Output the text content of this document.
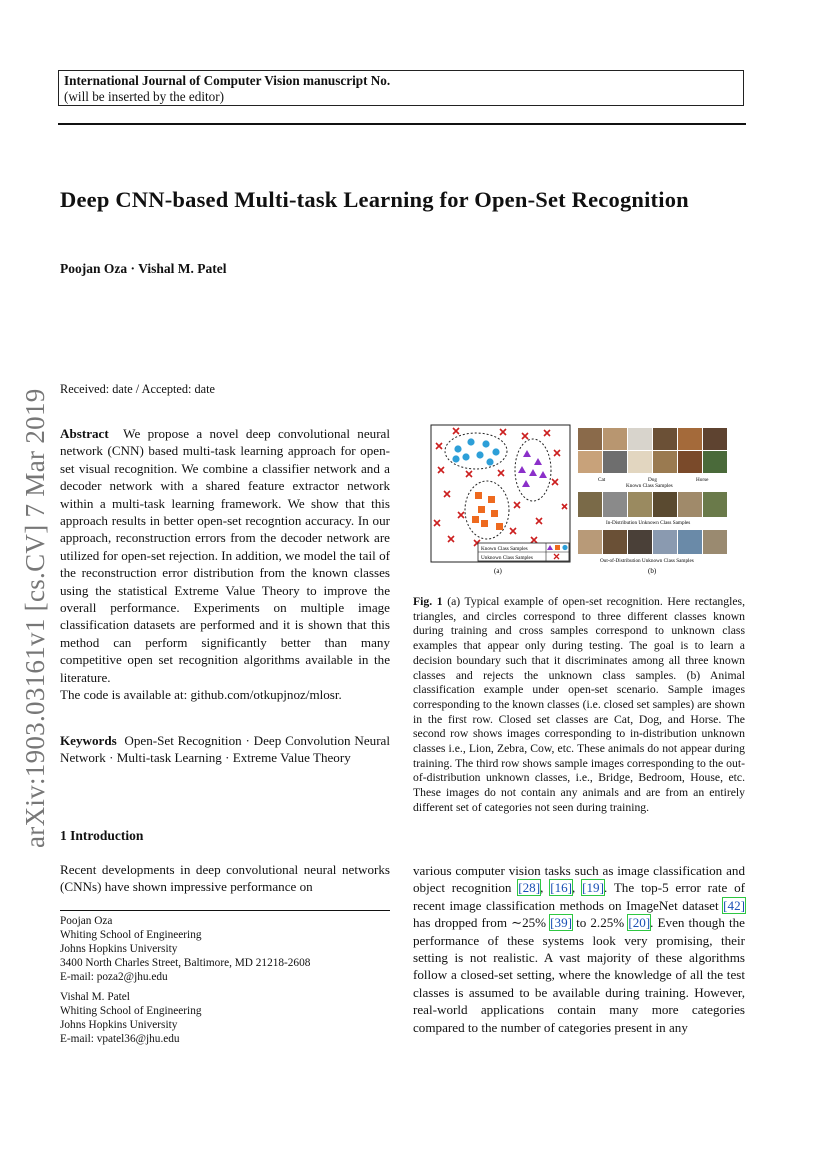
International Journal of Computer Vision manuscript No.
(will be inserted by the editor)
Deep CNN-based Multi-task Learning for Open-Set Recognition
Poojan Oza · Vishal M. Patel
arXiv:1903.03161v1 [cs.CV] 7 Mar 2019 Received: date / Accepted: date
Abstract We propose a novel deep convolutional neural network (CNN) based multi-task learning approach for open-set visual recognition. We combine a classifier network and a decoder network with a shared feature extractor network within a multi-task learning framework. We show that this approach results in better open-set recogntion accuracy. In our approach, reconstruction errors from the decoder network are utilized for open-set rejection. In addition, we model the tail of the reconstruction error distribution from the known classes using the statistical Extreme Value Theory to improve the overall performance. Experiments on multiple image classification datasets are performed and it is shown that this method can perform significantly better than many competitive open set recognition algorithms available in the literature.
The code is available at: github.com/otkupjnoz/mlosr.
Keywords Open-Set Recognition · Deep Convolution Neural Network · Multi-task Learning · Extreme Value Theory
1 Introduction
Recent developments in deep convolutional neural networks (CNNs) have shown impressive performance on
Poojan Oza
Whiting School of Engineering
Johns Hopkins University
3400 North Charles Street, Baltimore, MD 21218-2608
E-mail: poza2@jhu.edu
Vishal M. Patel
Whiting School of Engineering
Johns Hopkins University
E-mail: vpatel36@jhu.edu
Known Class Samples
Unknown Class Samples
(a)
Cat	Dog	Horse
Known Class Samples
In-Distribution Unknown Class Samples
Out-of-Distribution Unknown Class Samples
(b)
Fig. 1 (a) Typical example of open-set recognition. Here rectangles, triangles, and circles correspond to three different classes known during training and cross samples correspond to unknown class examples that appear only during testing. The goal is to learn a decision boundary such that it discriminates among all three known classes and rejects the unknown class samples. (b) Animal classification example under open-set scenario. Sample images corresponding to the known classes (i.e. closed set samples) are shown in the first row. Closed set classes are Cat, Dog, and Horse. The second row shows images corresponding to in-distribution unknown classes i.e., Lion, Zebra, Cow, etc. These animals do not appear during training. The third row shows sample images corresponding to the out-of-distribution unknown classes, i.e., Bridge, Bedroom, House, etc. These images do not contain any animals and are from an entirely different set of categories not seen during training.
various computer vision tasks such as image classification and object recognition [ 28 ] , [ 16 ] , [ 19 ] . The top-5 error rate of recent image classification methods on ImageNet dataset [ 42 ] has dropped from ∼25% [ 39 ] to 2.25% [ 20 ] . Even though the performance of these systems look very promising, their setting is not realistic. A vast majority of these algorithms follow a closed-set setting, where the knowledge of all the test classes is assumed to be available during training. However, real-world applications contain many more categories compared to the number of categories present in any
